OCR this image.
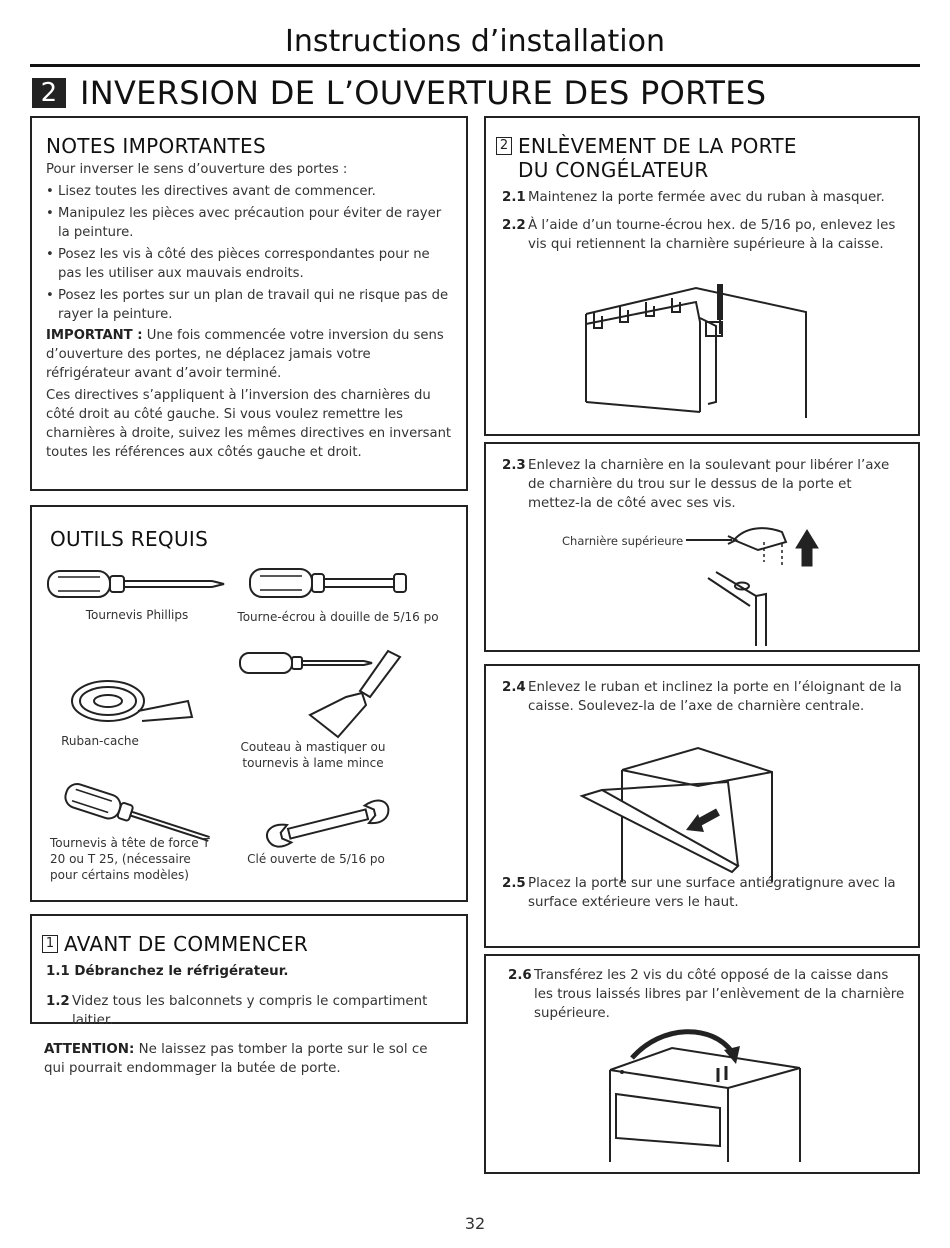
Instructions d’installation
2 INVERSION DE L’OUVERTURE DES PORTES
NOTES IMPORTANTES
Pour inverser le sens d’ouverture des portes :
• Lisez toutes les directives avant de commencer.
• Manipulez les pièces avec précaution pour éviter de rayer la peinture.
• Posez les vis à côté des pièces correspondantes pour ne pas les utiliser aux mauvais endroits.
• Posez les portes sur un plan de travail qui ne risque pas de rayer la peinture.
IMPORTANT : Une fois commencée votre inversion du sens d’ouverture des portes, ne déplacez jamais votre réfrigérateur avant d’avoir terminé.
Ces directives s’appliquent à l’inversion des charnières du côté droit au côté gauche. Si vous voulez remettre les charnières à droite, suivez les mêmes directives en inversant toutes les références aux côtés gauche et droit.
OUTILS REQUIS
Tournevis Phillips	Tourne-écrou à douille de 5/16 po
Ruban-cache	Couteau à mastiquer ou tournevis à lame mince
Tournevis à tête de force T 20 ou T 25, (nécessaire pour cértains modèles)
Clé ouverte de 5/16 po
1 AVANT DE COMMENCER
1.1 Débranchez le réfrigérateur.
1.2 Videz tous les balconnets y compris le compartiment laitier.
ATTENTION: Ne laissez pas tomber la porte sur le sol ce qui pourrait endommager la butée de porte.
2 ENLÈVEMENT DE LA PORTE DU CONGÉLATEUR
2.1 Maintenez la porte fermée avec du ruban à masquer.
2.2 À l’aide d’un tourne-écrou hex. de 5/16 po, enlevez les vis qui retiennent la charnière supérieure à la caisse.
2.3 Enlevez la charnière en la soulevant pour libérer l’axe de charnière du trou sur le dessus de la porte et mettez-la de côté avec ses vis.
Charnière supérieure
2.4 Enlevez le ruban et inclinez la porte en l’éloignant de la caisse. Soulevez-la de l’axe de charnière centrale.
2.5 Placez la porte sur une surface antiégratignure avec la surface extérieure vers le haut.
2.6 Transférez les 2 vis du côté opposé de la caisse dans les trous laissés libres par l’enlèvement de la charnière supérieure.
32
